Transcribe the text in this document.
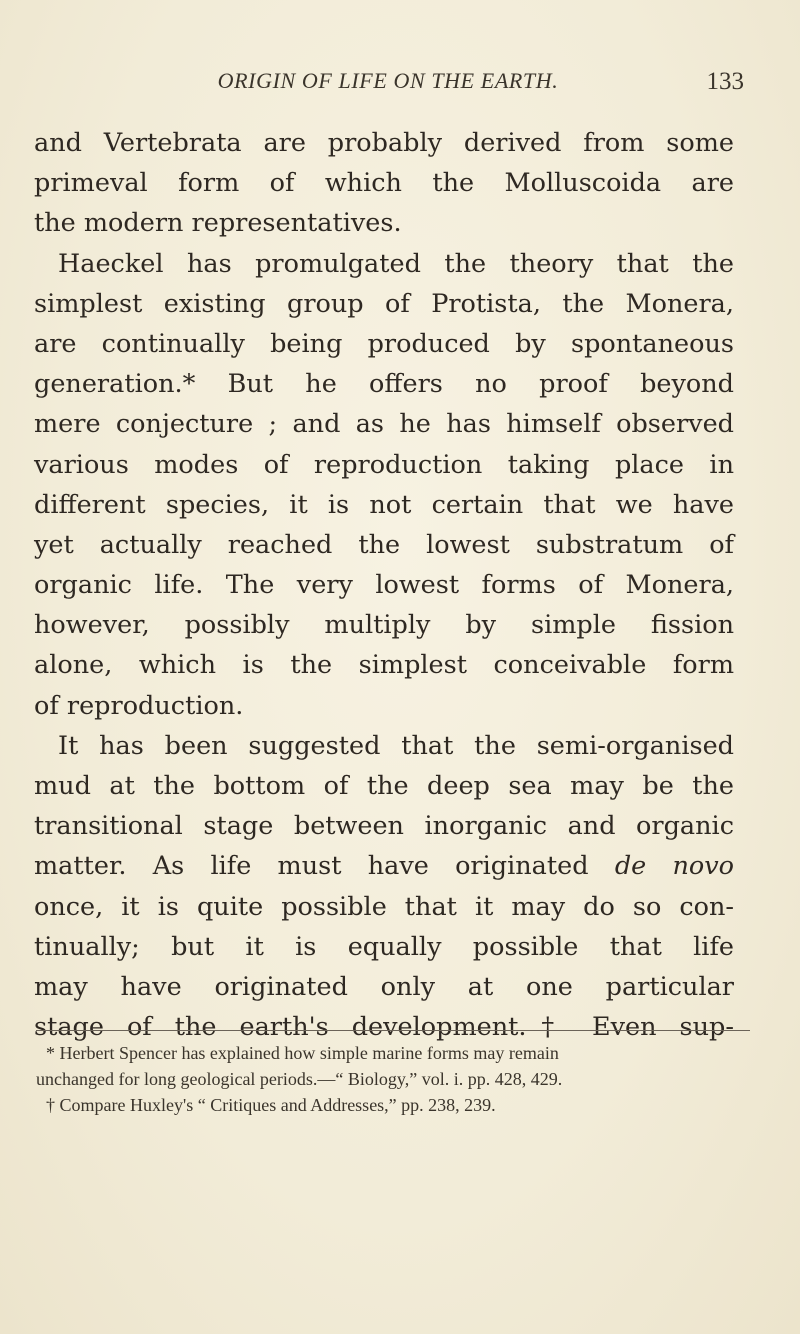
ORIGIN OF LIFE ON THE EARTH.	133
and Vertebrata are probably derived from some
primeval form of which the Molluscoida are
the modern representatives.
Haeckel has promulgated the theory that the
simplest existing group of Protista, the Monera,
are continually being produced by spontaneous
generation.* But he offers no proof beyond
mere conjecture ; and as he has himself observed
various modes of reproduction taking place in
different species, it is not certain that we have
yet actually reached the lowest substratum of
organic life. The very lowest forms of Monera,
however, possibly multiply by simple fission
alone, which is the simplest conceivable form
of reproduction.
It has been suggested that the semi-organised
mud at the bottom of the deep sea may be the
transitional stage between inorganic and organic
matter. As life must have originated de novo
once, it is quite possible that it may do so con-
tinually; but it is equally possible that life
may have originated only at one particular
stage of the earth's development.† Even sup-
* Herbert Spencer has explained how simple marine forms may remain
unchanged for long geological periods.—“ Biology,” vol. i. pp. 428, 429.
† Compare Huxley's “ Critiques and Addresses,” pp. 238, 239.
